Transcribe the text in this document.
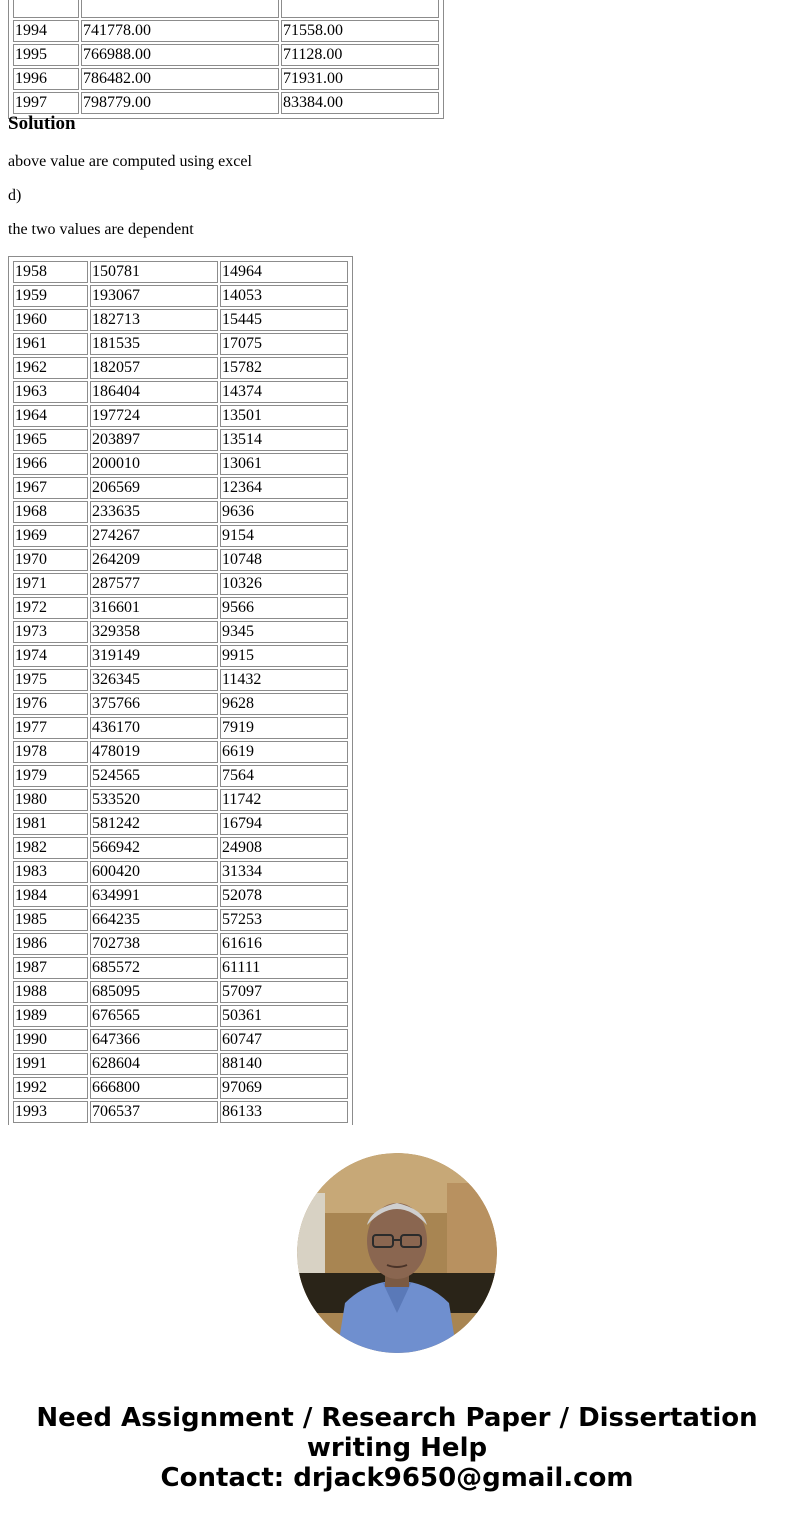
1994	741778.00	71558.00
1995	766988.00	71128.00
1996	786482.00	71931.00
1997	798779.00	83384.00
Solution

above value are computed using excel

d)

the two values are dependent

1958	150781	14964
1959	193067	14053
1960	182713	15445
1961	181535	17075
1962	182057	15782
1963	186404	14374
1964	197724	13501
1965	203897	13514
1966	200010	13061
1967	206569	12364
1968	233635	9636
1969	274267	9154
1970	264209	10748
1971	287577	10326
1972	316601	9566
1973	329358	9345
1974	319149	9915
1975	326345	11432
1976	375766	9628
1977	436170	7919
1978	478019	6619
1979	524565	7564
1980	533520	11742
1981	581242	16794
1982	566942	24908
1983	600420	31334
1984	634991	52078
1985	664235	57253
1986	702738	61616
1987	685572	61111
1988	685095	57097
1989	676565	50361
1990	647366	60747
1991	628604	88140
1992	666800	97069
1993	706537	86133
Need Assignment / Research Paper / Dissertation
writing Help
Contact: drjack9650@gmail.com
